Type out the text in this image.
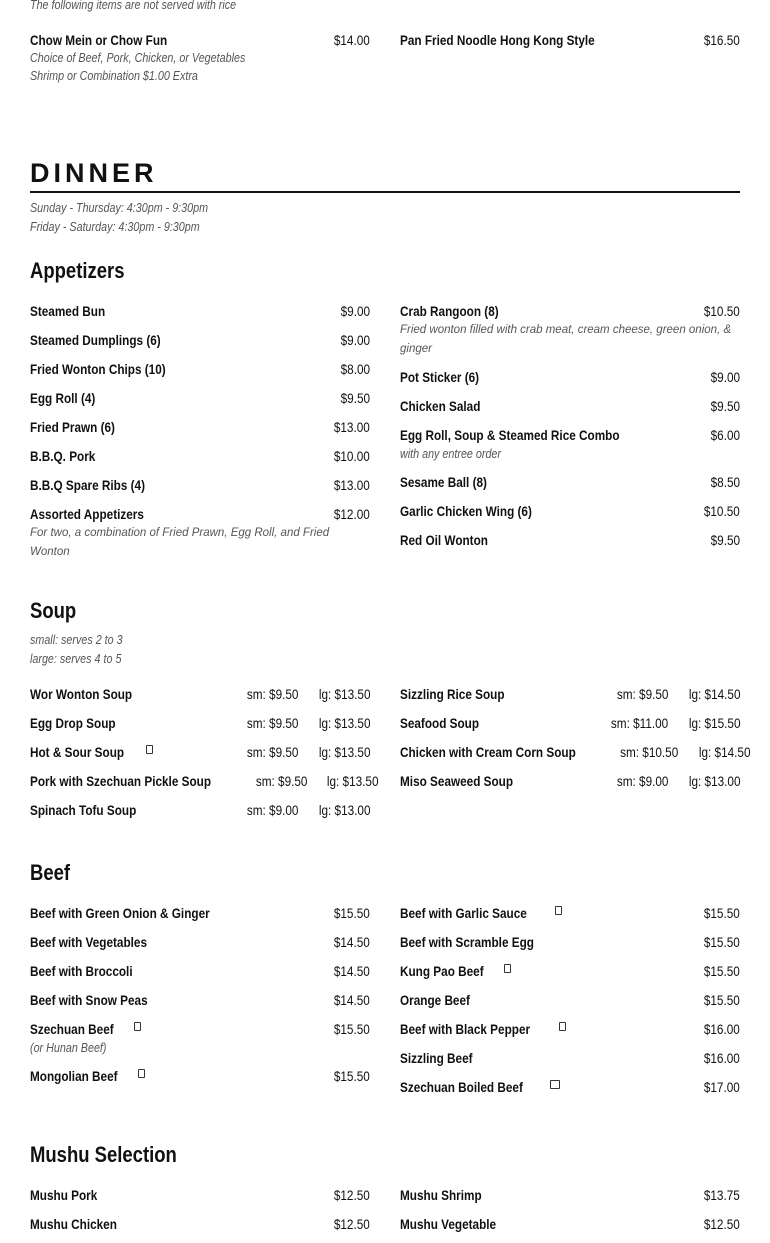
The following items are not served with rice
Chow Mein or Chow Fun	$14.00
Choice of Beef, Pork, Chicken, or Vegetables
Shrimp or Combination $1.00 Extra
Pan Fried Noodle Hong Kong Style	$16.50
DINNER
Sunday - Thursday: 4:30pm - 9:30pm
Friday - Saturday: 4:30pm - 9:30pm
Appetizers
Steamed Bun	$9.00
Steamed Dumplings (6)	$9.00
Fried Wonton Chips (10)	$8.00
Egg Roll (4)	$9.50
Fried Prawn (6)	$13.00
B.B.Q. Pork	$10.00
B.B.Q Spare Ribs (4)	$13.00
Assorted Appetizers	$12.00
For two, a combination of Fried Prawn, Egg Roll, and Fried Wonton
Crab Rangoon (8)	$10.50
Fried wonton filled with crab meat, cream cheese, green onion, & ginger
Pot Sticker (6)	$9.00
Chicken Salad	$9.50
Egg Roll, Soup & Steamed Rice Combo	$6.00
with any entree order
Sesame Ball (8)	$8.50
Garlic Chicken Wing (6)	$10.50
Red Oil Wonton	$9.50
Soup
small: serves 2 to 3
large: serves 4 to 5
Wor Wonton Soup	sm: $9.50 lg: $13.50
Egg Drop Soup	sm: $9.50 lg: $13.50
Hot & Sour Soup	sm: $9.50 lg: $13.50
Pork with Szechuan Pickle Soup	sm: $9.50 lg: $13.50
Spinach Tofu Soup	sm: $9.00 lg: $13.00
Sizzling Rice Soup	sm: $9.50 lg: $14.50
Seafood Soup	sm: $11.00 lg: $15.50
Chicken with Cream Corn Soup	sm: $10.50 lg: $14.50
Miso Seaweed Soup	sm: $9.00 lg: $13.00
Beef
Beef with Green Onion & Ginger	$15.50
Beef with Vegetables	$14.50
Beef with Broccoli	$14.50
Beef with Snow Peas	$14.50
Szechuan Beef	$15.50
(or Hunan Beef)
Mongolian Beef	$15.50
Beef with Garlic Sauce	$15.50
Beef with Scramble Egg	$15.50
Kung Pao Beef	$15.50
Orange Beef	$15.50
Beef with Black Pepper	$16.00
Sizzling Beef	$16.00
Szechuan Boiled Beef	$17.00
Mushu Selection
Mushu Pork	$12.50
Mushu Chicken	$12.50
Mushu Shrimp	$13.75
Mushu Vegetable	$12.50
